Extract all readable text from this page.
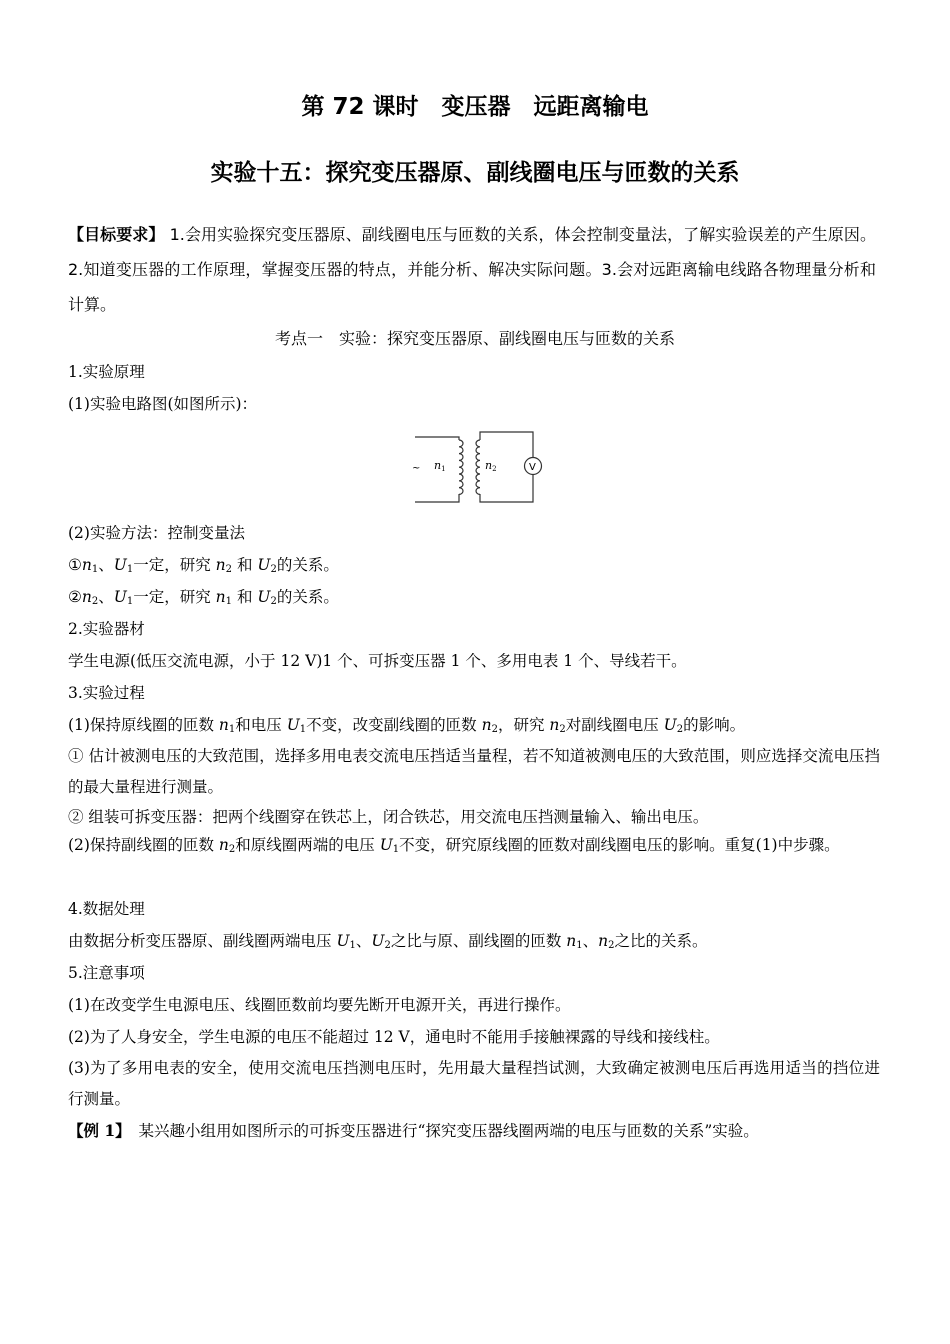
第 72 课时　变压器　远距离输电
实验十五：探究变压器原、副线圈电压与匝数的关系
【目标要求】 1.会用实验探究变压器原、副线圈电压与匝数的关系，体会控制变量法，了解实验误差的产生原因。2.知道变压器的工作原理，掌握变压器的特点，并能分析、解决实际问题。3.会对远距离输电线路各物理量分析和计算。
考点一　实验：探究变压器原、副线圈电压与匝数的关系
1.实验原理
(1)实验电路图(如图所示)：
~ n1	n2	V
(2)实验方法：控制变量法
$①n_1$、$U_1$一定，研究 $n_2$ 和 $U_2$的关系。
$②n_2$、$U_1$一定，研究 $n_1$ 和 $U_2$的关系。
2.实验器材
学生电源(低压交流电源，小于 12 V)1 个、可拆变压器 1 个、多用电表 1 个、导线若干。
3.实验过程
(1)保持原线圈的匝数 $n_1$和电压 $U_1$不变，改变副线圈的匝数 $n_2$，研究 $n_2$对副线圈电压 $U_2$的影响。
① 估计被测电压的大致范围，选择多用电表交流电压挡适当量程，若不知道被测电压的大致范围，则应选择交流电压挡的最大量程进行测量。
② 组装可拆变压器：把两个线圈穿在铁芯上，闭合铁芯，用交流电压挡测量输入、输出电压。
(2)保持副线圈的匝数 $n_2$和原线圈两端的电压 $U_1$不变，研究原线圈的匝数对副线圈电压的影响。重复(1)中步骤。
4.数据处理
由数据分析变压器原、副线圈两端电压 $U_1$、$U_2$之比与原、副线圈的匝数 $n_1$、$n_2$之比的关系。
5.注意事项
(1)在改变学生电源电压、线圈匝数前均要先断开电源开关，再进行操作。
(2)为了人身安全，学生电源的电压不能超过 12 V，通电时不能用手接触裸露的导线和接线柱。
(3)为了多用电表的安全，使用交流电压挡测电压时，先用最大量程挡试测，大致确定被测电压后再选用适当的挡位进行测量。
【例 1】　 某兴趣小组用如图所示的可拆变压器进行“探究变压器线圈两端的电压与匝数的关系”实验。
